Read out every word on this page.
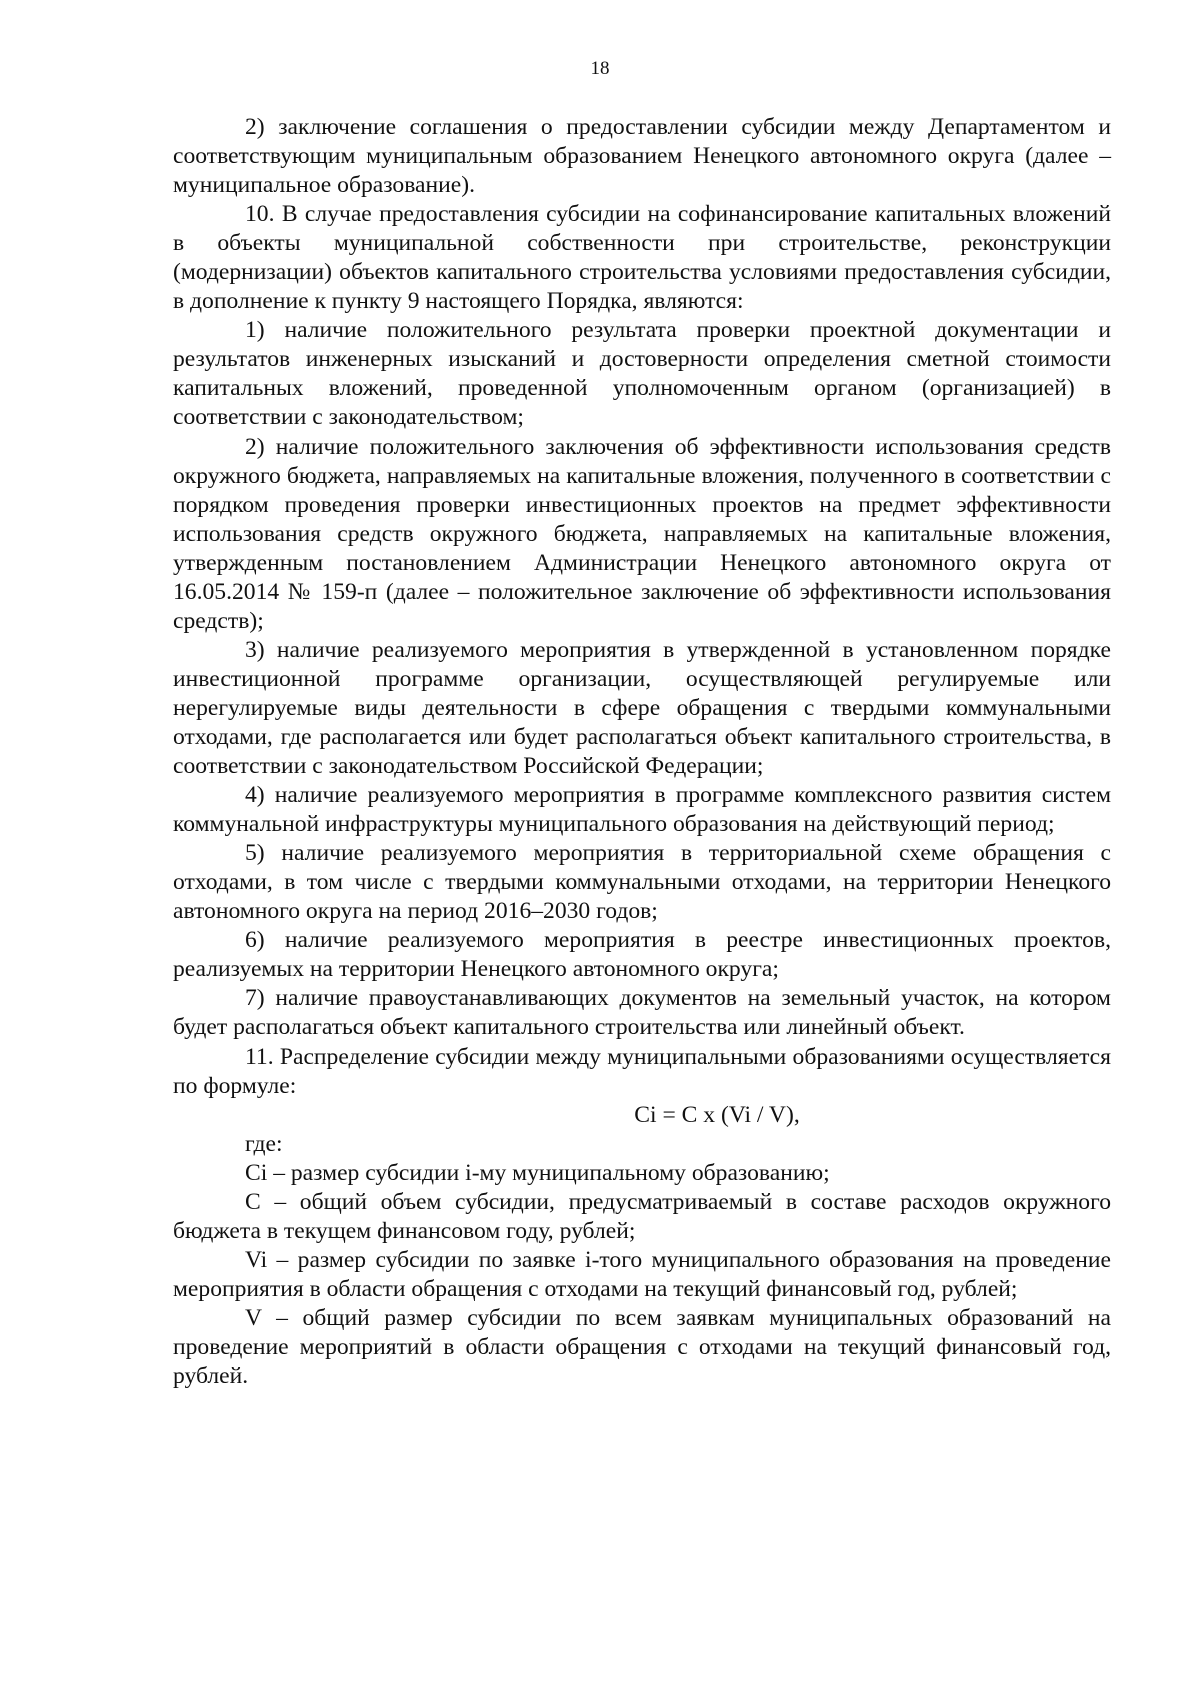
18

2) заключение соглашения о предоставлении субсидии между Департаментом и соответствующим муниципальным образованием Ненецкого автономного округа (далее – муниципальное образование).

10. В случае предоставления субсидии на софинансирование капитальных вложений в объекты муниципальной собственности при строительстве, реконструкции (модернизации) объектов капитального строительства условиями предоставления субсидии, в дополнение к пункту 9 настоящего Порядка, являются:

1) наличие положительного результата проверки проектной документации и результатов инженерных изысканий и достоверности определения сметной стоимости капитальных вложений, проведенной уполномоченным органом (организацией) в соответствии с законодательством;

2) наличие положительного заключения об эффективности использования средств окружного бюджета, направляемых на капитальные вложения, полученного в соответствии с порядком проведения проверки инвестиционных проектов на предмет эффективности использования средств окружного бюджета, направляемых на капитальные вложения, утвержденным постановлением Администрации Ненецкого автономного округа от 16.05.2014 № 159-п (далее – положительное заключение об эффективности использования средств);

3) наличие реализуемого мероприятия в утвержденной в установленном порядке инвестиционной программе организации, осуществляющей регулируемые или нерегулируемые виды деятельности в сфере обращения с твердыми коммунальными отходами, где располагается или будет располагаться объект капитального строительства, в соответствии с законодательством Российской Федерации;

4) наличие реализуемого мероприятия в программе комплексного развития систем коммунальной инфраструктуры муниципального образования на действующий период;

5) наличие реализуемого мероприятия в территориальной схеме обращения с отходами, в том числе с твердыми коммунальными отходами, на территории Ненецкого автономного округа на период 2016–2030 годов;

6) наличие реализуемого мероприятия в реестре инвестиционных проектов, реализуемых на территории Ненецкого автономного округа;

7) наличие правоустанавливающих документов на земельный участок, на котором будет располагаться объект капитального строительства или линейный объект.

11. Распределение субсидии между муниципальными образованиями осуществляется по формуле:

Ci = C x (Vi / V),

где:

Ci – размер субсидии i-му муниципальному образованию;

C – общий объем субсидии, предусматриваемый в составе расходов окружного бюджета в текущем финансовом году, рублей;

Vi – размер субсидии по заявке i-того муниципального образования на проведение мероприятия в области обращения с отходами на текущий финансовый год, рублей;

V – общий размер субсидии по всем заявкам муниципальных образований на проведение мероприятий в области обращения с отходами на текущий финансовый год, рублей.
